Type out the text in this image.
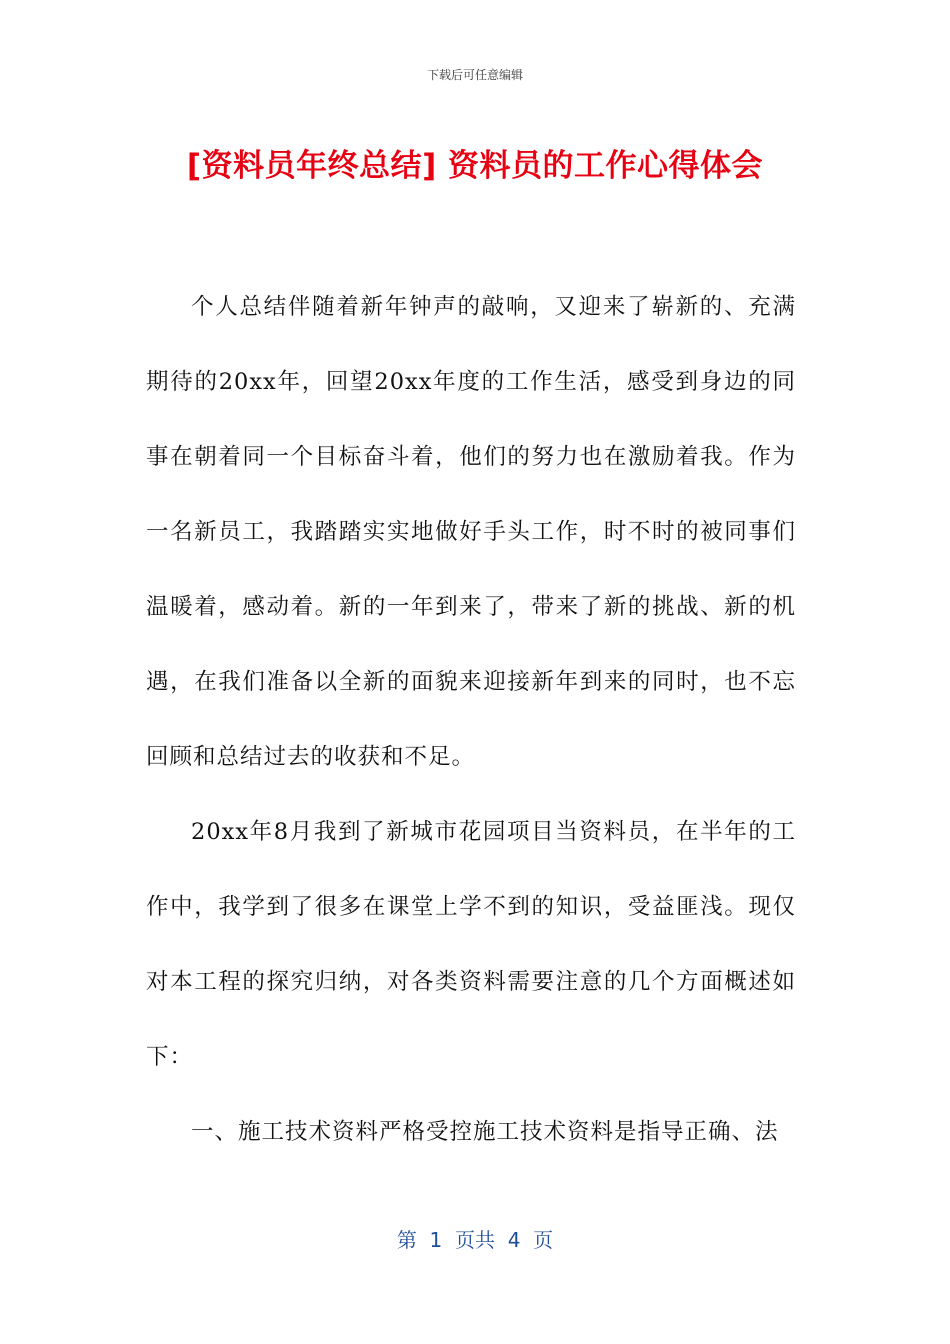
下载后可任意编辑
[资料员年终总结] 资料员的工作心得体会

个人总结伴随着新年钟声的敲响，又迎来了崭新的、充满期待的20xx年，回望20xx年度的工作生活，感受到身边的同事在朝着同一个目标奋斗着，他们的努力也在激励着我。作为一名新员工，我踏踏实实地做好手头工作，时不时的被同事们温暖着，感动着。新的一年到来了，带来了新的挑战、新的机遇，在我们准备以全新的面貌来迎接新年到来的同时，也不忘回顾和总结过去的收获和不足。

20xx年8月我到了新城市花园项目当资料员，在半年的工作中，我学到了很多在课堂上学不到的知识，受益匪浅。现仅对本工程的探究归纳，对各类资料需要注意的几个方面概述如下：

一、施工技术资料严格受控施工技术资料是指导正确、法

第  1  页共  4  页
